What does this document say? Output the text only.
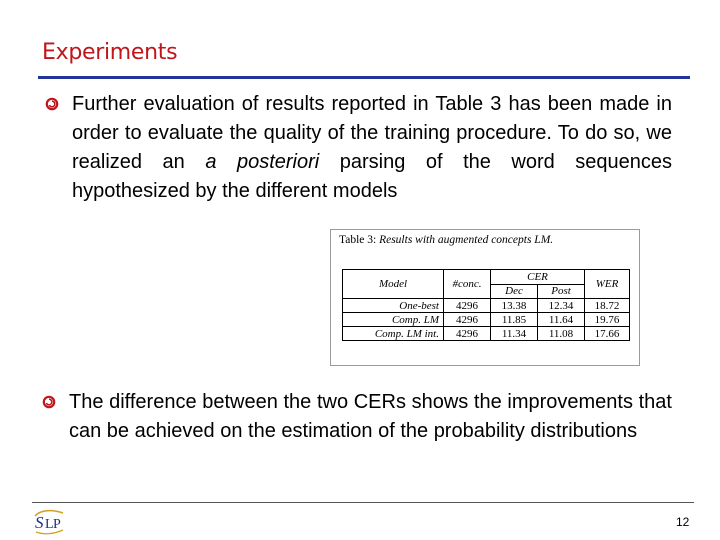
Experiments
Further evaluation of results reported in Table 3 has been made in order to evaluate the quality of the training procedure. To do so, we realized an a posteriori parsing of the word sequences hypothesized by the different models
Table 3: Results with augmented concepts LM.
Model	#conc.	CER		WER
		Dec	Post	
One-best	4296	13.38	12.34	18.72
Comp. LM	4296	11.85	11.64	19.76
Comp. LM int.	4296	11.34	11.08	17.66
The difference between the two CERs shows the improvements that can be achieved on the estimation of the probability distributions
S L P	12
